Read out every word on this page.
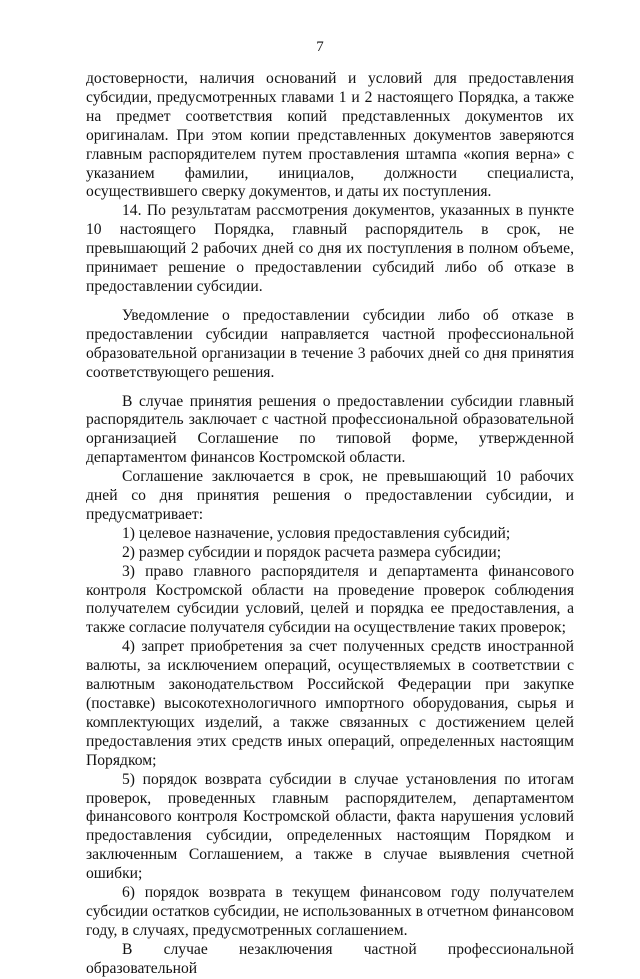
7

достоверности, наличия оснований и условий для предоставления субсидии, предусмотренных главами 1 и 2 настоящего Порядка, а также на предмет соответствия копий представленных документов их оригиналам. При этом копии представленных документов заверяются главным распорядителем путем проставления штампа «копия верна» с указанием фамилии, инициалов, должности специалиста, осуществившего сверку документов, и даты их поступления.

14. По результатам рассмотрения документов, указанных в пункте 10 настоящего Порядка, главный распорядитель в срок, не превышающий 2 рабочих дней со дня их поступления в полном объеме, принимает решение о предоставлении субсидий либо об отказе в предоставлении субсидии.

Уведомление о предоставлении субсидии либо об отказе в предоставлении субсидии направляется частной профессиональной образовательной организации в течение 3 рабочих дней со дня принятия соответствующего решения.

В случае принятия решения о предоставлении субсидии главный распорядитель заключает с частной профессиональной образовательной организацией Соглашение по типовой форме, утвержденной департаментом финансов Костромской области.

Соглашение заключается в срок, не превышающий 10 рабочих дней со дня принятия решения о предоставлении субсидии, и предусматривает:

1) целевое назначение, условия предоставления субсидий;

2) размер субсидии и порядок расчета размера субсидии;

3) право главного распорядителя и департамента финансового контроля Костромской области на проведение проверок соблюдения получателем субсидии условий, целей и порядка ее предоставления, а также согласие получателя субсидии на осуществление таких проверок;

4) запрет приобретения за счет полученных средств иностранной валюты, за исключением операций, осуществляемых в соответствии с валютным законодательством Российской Федерации при закупке (поставке) высокотехнологичного импортного оборудования, сырья и комплектующих изделий, а также связанных с достижением целей предоставления этих средств иных операций, определенных настоящим Порядком;

5) порядок возврата субсидии в случае установления по итогам проверок, проведенных главным распорядителем, департаментом финансового контроля Костромской области, факта нарушения условий предоставления субсидии, определенных настоящим Порядком и заключенным Соглашением, а также в случае выявления счетной ошибки;

6) порядок возврата в текущем финансовом году получателем субсидии остатков субсидии, не использованных в отчетном финансовом году, в случаях, предусмотренных соглашением.

В случае незаключения частной профессиональной образовательной
